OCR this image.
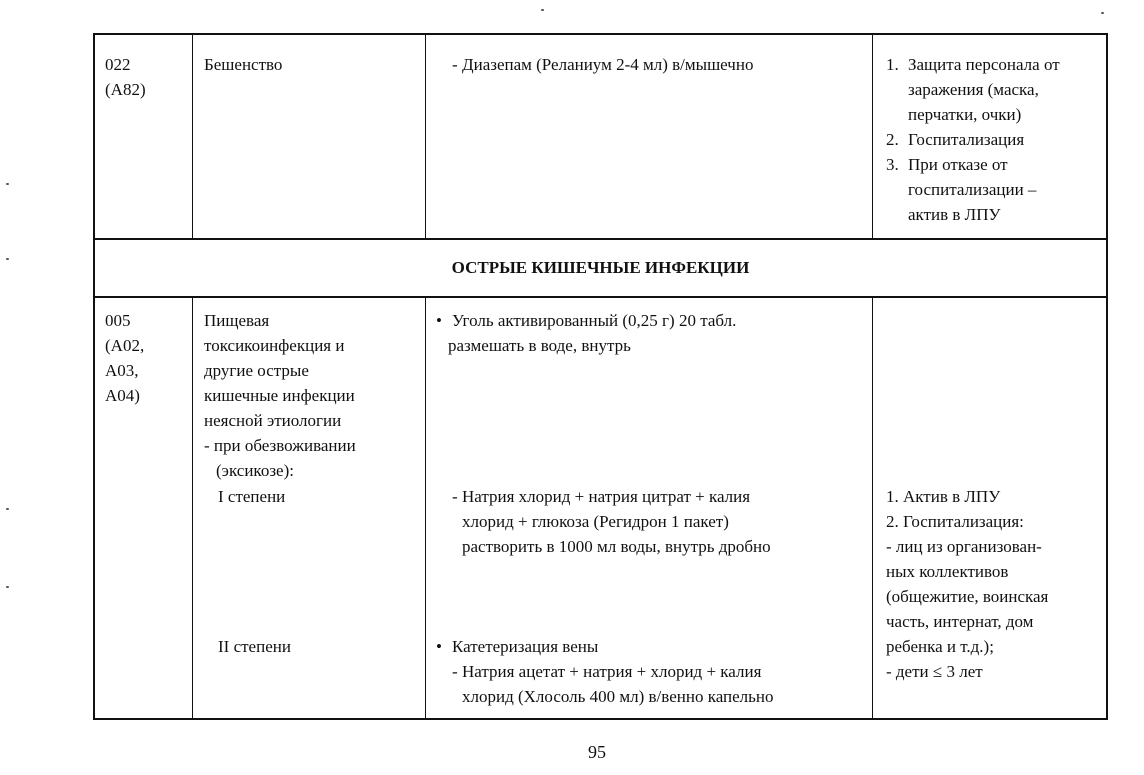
022
(А82)
Бешенство	- Диазепам (Реланиум 2-4 мл) в/мышечно	1. Защита персонала от
заражения (маска,
перчатки, очки)
2. Госпитализация
3. При отказе от
госпитализации –
актив в ЛПУ
ОСТРЫЕ КИШЕЧНЫЕ ИНФЕКЦИИ
005
(А02,
А03,
А04)
Пищевая
токсикоинфекция и
другие острые
кишечные инфекции
неясной этиологии
- при обезвоживании
(эксикозе):
I степени
II степени
• Уголь активированный (0,25 г) 20 табл.
размешать в воде, внутрь
- Натрия хлорид + натрия цитрат + калия
хлорид + глюкоза (Регидрон 1 пакет)
растворить в 1000 мл воды, внутрь дробно
• Катетеризация вены
- Натрия ацетат + натрия + хлорид + калия
хлорид (Хлосоль 400 мл) в/венно капельно
1. Актив в ЛПУ
2. Госпитализация:
- лиц из организован-
ных коллективов
(общежитие, воинская
часть, интернат, дом
ребенка и т.д.);
- дети ≤ 3 лет
95
